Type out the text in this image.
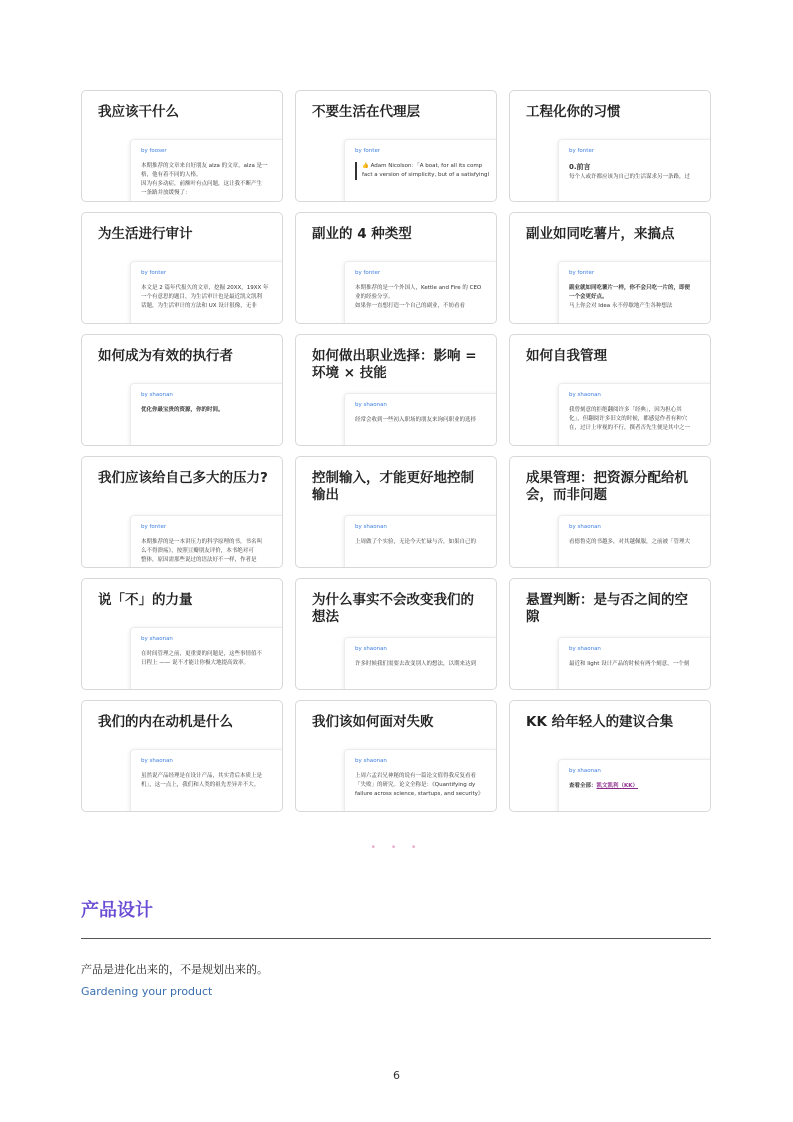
我应该干什么
by fooser
本期推荐的文章来自好朋友 alza 的文章，alza 是一
格，他有着不同的人格。
因为有多动症，前额叶有点问题，这让我不断产生
一条路并放缓慢了：
不要生活在代理层
by fonter
👍 Adam Nicolson：「A boat, for all its comp
fact a version of simplicity, but of a satisfyingl
工程化你的习惯
by fonter
0.前言
每个人或许都应该为自己的生活谋求另一条路，过
为生活进行审计
by fonter
本文是 2 篇年代报久的文章，挖掘 20XX，19XX 年
一个有意思的题目，为生活审计也是最近凯文凯利
话题，为生活审计的方法和 UX 设计很像，无非
副业的 4 种类型
by fonter
本期推荐的是一个外国人，Kettle and Fire 的 CEO
业的经验分享。
如果你一直想打造一个自己的副业，不妨看看
副业如同吃薯片，来搞点
by fonter
副业就如同吃薯片一样，你不会只吃一片的，即便
一个会更好点。
马上你会对 Idea 永不停歇地产生各种想法
如何成为有效的执行者
by shaonan
优化你最宝贵的资源，你的时间。
如何做出职业选择：影响 = 环境 × 技能
by shaonan
经常会收到一些初入职场的朋友来询问职业的选择
如何自我管理
by shaonan
我曾刻意的拒绝翻阅许多「经典」，因为担心其
化」，但翻阅许多旧文的时候，都感觉作者有种穴
在，过计上审视的不行，撰者否先生便是其中之一
我们应该给自己多大的压力?
by fonter
本期推荐的是一本讲压力的科学原理的书，书名叫
么不得溃疡》，按照豆瓣朋友评价，本书绝对可
整体，原因需那些说过的语法好不一样，作者是
控制输入，才能更好地控制输出
by shaonan
上周做了个实验，无论今天忙碌与否，如果自己的
成果管理：把资源分配给机会，而非问题
by shaonan
看德鲁克的书越多，对其越佩服，之前被「管理大
说「不」的力量
by shaonan
在时间管理之前，更重要的问题是，这些事情值不
日程上 —— 说不才能让你极大地提高效率。
为什么事实不会改变我们的想法
by shaonan
许多时候我们需要去改变别人的想法，以期来达到
悬置判断：是与否之间的空隙
by shaonan
最近和 light 设计产品的时候有两个刻意，一个刻
我们的内在动机是什么
by shaonan
虽然说产品经理是在设计产品，其实背后本质上是
机」，这一点上，我们和人类的祖先差异并不大。
我们该如何面对失败
by shaonan
上周六孟岩兄神秘的说有一篇论文值得我反复看看
「失败」的研究。论文全称是：《Quantifying dy
failure across science, startups, and security》
KK 给年轻人的建议合集
by shaonan
查看全部：凯文凯利（KK）
• • •
产品设计
产品是进化出来的，不是规划出来的。
Gardening your product
6
